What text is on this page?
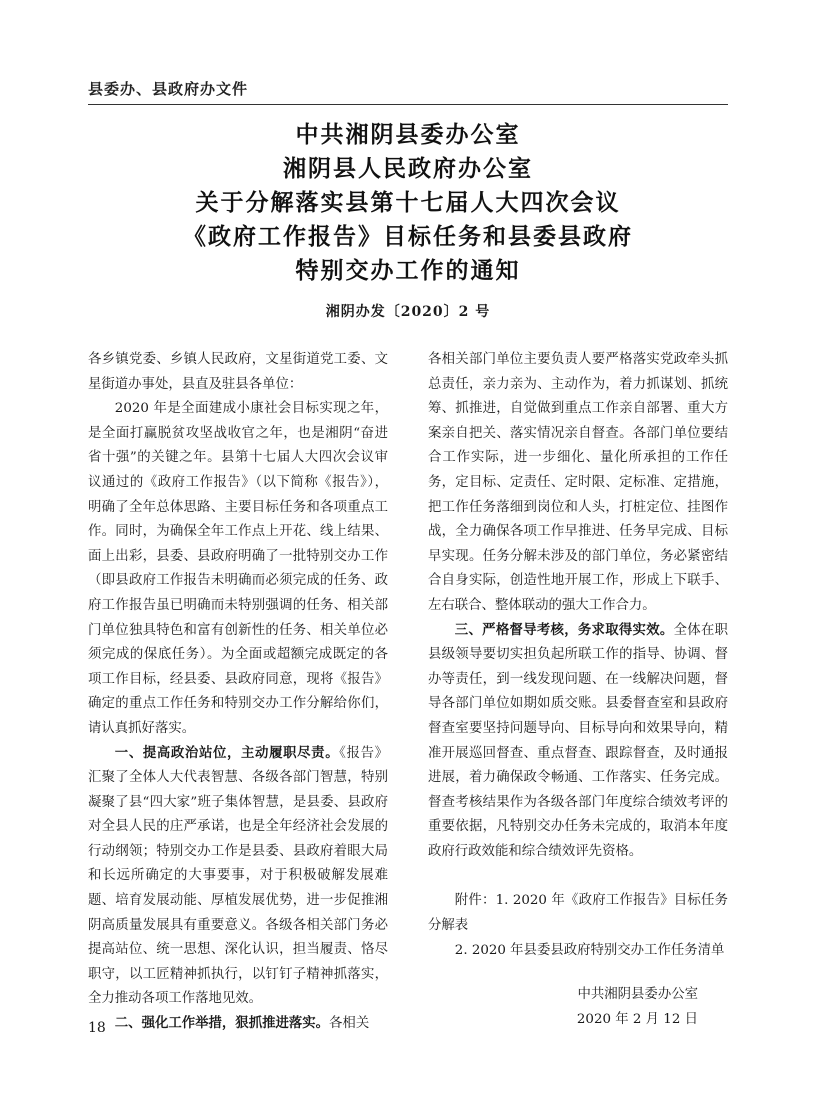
县委办、县政府办文件
中共湘阴县委办公室
湘阴县人民政府办公室
关于分解落实县第十七届人大四次会议
《政府工作报告》目标任务和县委县政府
特别交办工作的通知
湘阴办发〔2020〕2 号

各乡镇党委、乡镇人民政府，文星街道党工委、文星街道办事处，县直及驻县各单位：

2020 年是全面建成小康社会目标实现之年，是全面打赢脱贫攻坚战收官之年，也是湘阴“奋进省十强”的关键之年。县第十七届人大四次会议审议通过的《政府工作报告》（以下简称《报告》），明确了全年总体思路、主要目标任务和各项重点工作。同时，为确保全年工作点上开花、线上结果、面上出彩，县委、县政府明确了一批特别交办工作（即县政府工作报告未明确而必须完成的任务、政府工作报告虽已明确而未特别强调的任务、相关部门单位独具特色和富有创新性的任务、相关单位必须完成的保底任务）。为全面或超额完成既定的各项工作目标，经县委、县政府同意，现将《报告》确定的重点工作任务和特别交办工作分解给你们，请认真抓好落实。

一、提高政治站位，主动履职尽责。《报告》汇聚了全体人大代表智慧、各级各部门智慧，特别凝聚了县“四大家”班子集体智慧，是县委、县政府对全县人民的庄严承诺，也是全年经济社会发展的行动纲领；特别交办工作是县委、县政府着眼大局和长远所确定的大事要事，对于积极破解发展难题、培育发展动能、厚植发展优势，进一步促推湘阴高质量发展具有重要意义。各级各相关部门务必提高站位、统一思想、深化认识，担当履责、恪尽职守，以工匠精神抓执行，以钉钉子精神抓落实，全力推动各项工作落地见效。

二、强化工作举措，狠抓推进落实。各相关

各相关部门单位主要负责人要严格落实党政牵头抓总责任，亲力亲为、主动作为，着力抓谋划、抓统筹、抓推进，自觉做到重点工作亲自部署、重大方案亲自把关、落实情况亲自督查。各部门单位要结合工作实际，进一步细化、量化所承担的工作任务，定目标、定责任、定时限、定标准、定措施，把工作任务落细到岗位和人头，打桩定位、挂图作战，全力确保各项工作早推进、任务早完成、目标早实现。任务分解未涉及的部门单位，务必紧密结合自身实际，创造性地开展工作，形成上下联手、左右联合、整体联动的强大工作合力。

三、严格督导考核，务求取得实效。全体在职县级领导要切实担负起所联工作的指导、协调、督办等责任，到一线发现问题、在一线解决问题，督导各部门单位如期如质交账。县委督查室和县政府督查室要坚持问题导向、目标导向和效果导向，精准开展巡回督查、重点督查、跟踪督查，及时通报进展，着力确保政令畅通、工作落实、任务完成。督查考核结果作为各级各部门年度综合绩效考评的重要依据，凡特别交办任务未完成的，取消本年度政府行政效能和综合绩效评先资格。

附件：1. 2020 年《政府工作报告》目标任务分解表

2. 2020 年县委县政府特别交办工作任务清单

中共湘阴县委办公室

2020 年 2 月 12 日

18
